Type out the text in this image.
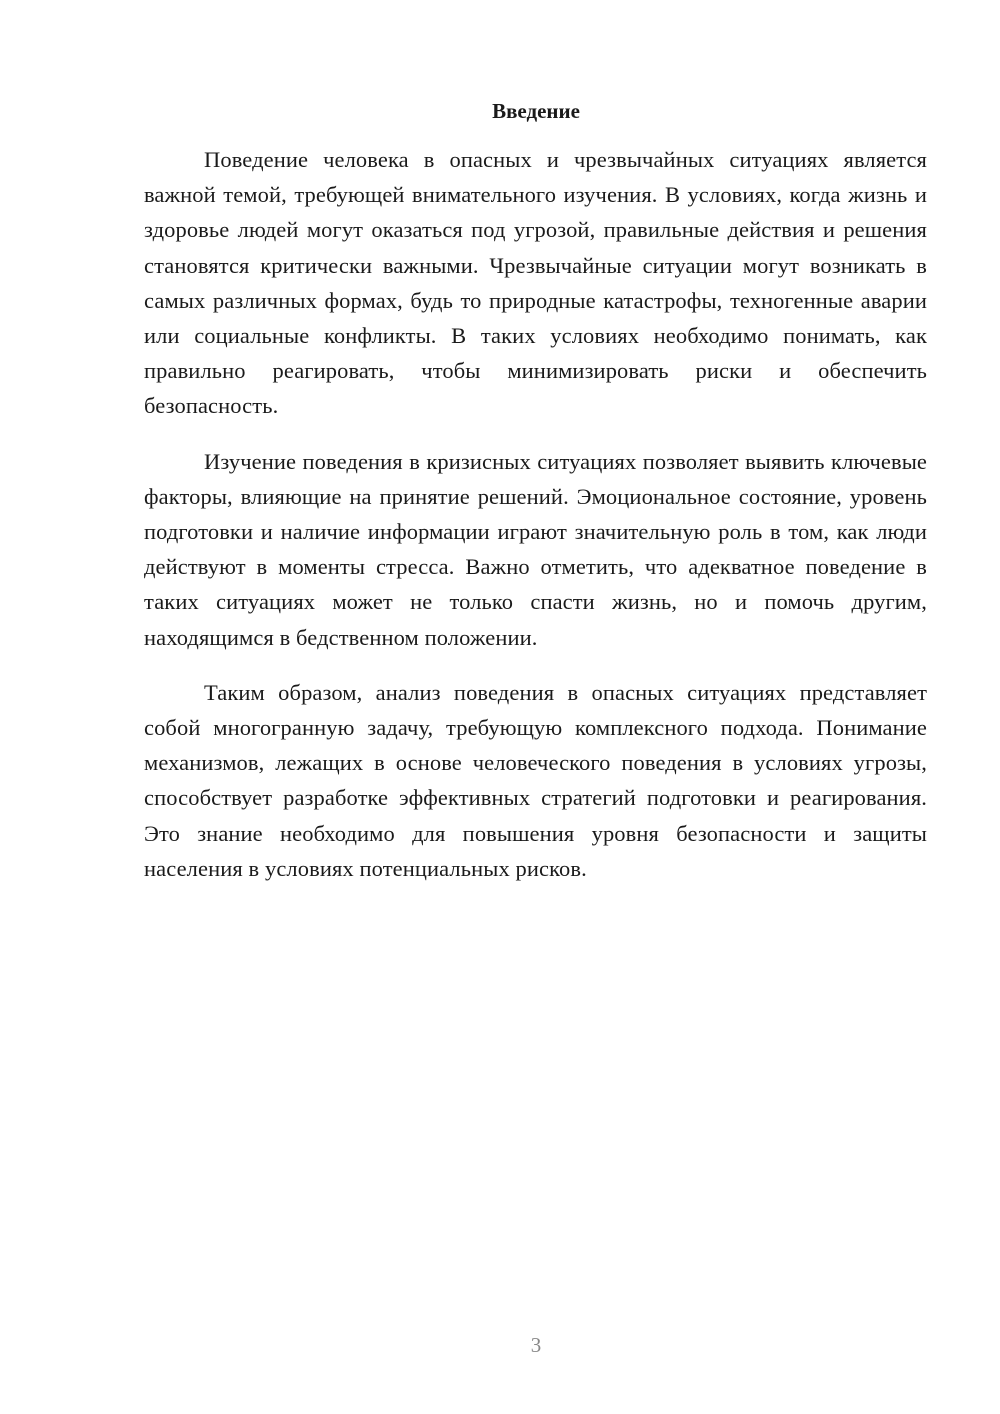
Введение

Поведение человека в опасных и чрезвычайных ситуациях является важной темой, требующей внимательного изучения. В условиях, когда жизнь и здоровье людей могут оказаться под угрозой, правильные действия и решения становятся критически важными. Чрезвычайные ситуации могут возникать в самых различных формах, будь то природные катастрофы, техногенные аварии или социальные конфликты. В таких условиях необходимо понимать, как правильно реагировать, чтобы минимизировать риски и обеспечить безопасность.

Изучение поведения в кризисных ситуациях позволяет выявить ключевые факторы, влияющие на принятие решений. Эмоциональное состояние, уровень подготовки и наличие информации играют значительную роль в том, как люди действуют в моменты стресса. Важно отметить, что адекватное поведение в таких ситуациях может не только спасти жизнь, но и помочь другим, находящимся в бедственном положении.

Таким образом, анализ поведения в опасных ситуациях представляет собой многогранную задачу, требующую комплексного подхода. Понимание механизмов, лежащих в основе человеческого поведения в условиях угрозы, способствует разработке эффективных стратегий подготовки и реагирования. Это знание необходимо для повышения уровня безопасности и защиты населения в условиях потенциальных рисков.

3
